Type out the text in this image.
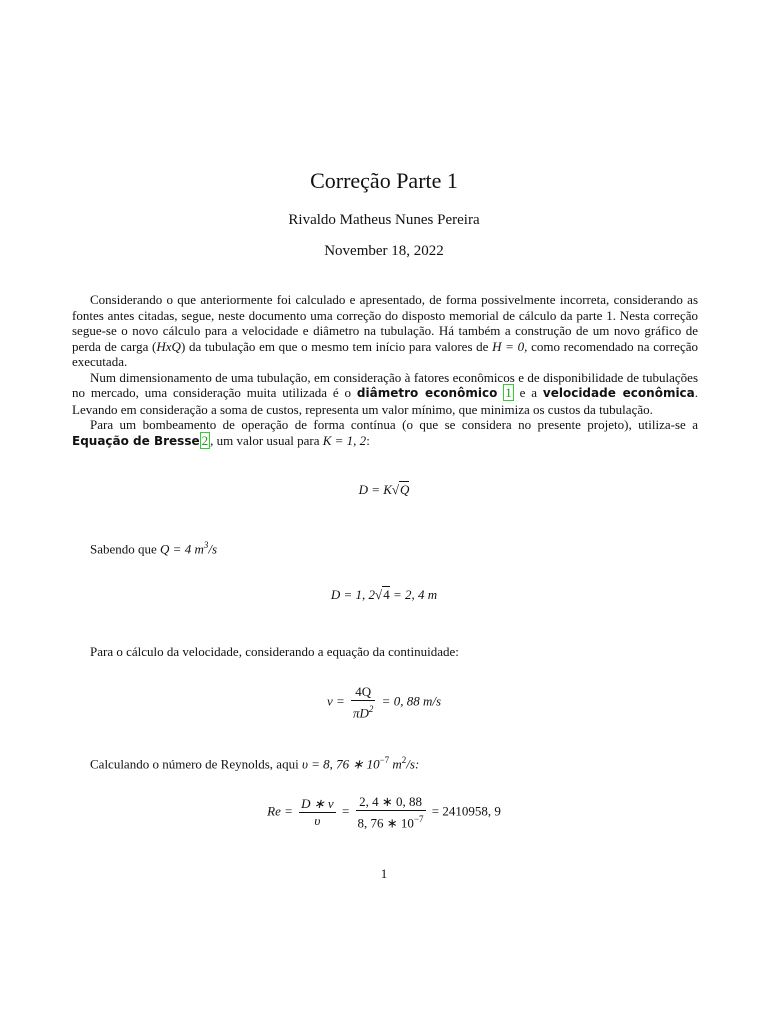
Correção Parte 1
Rivaldo Matheus Nunes Pereira
November 18, 2022

Considerando o que anteriormente foi calculado e apresentado, de forma possivelmente incorreta, considerando as fontes antes citadas, segue, neste documento uma correção do disposto memorial de cálculo da parte 1. Nesta correção segue-se o novo cálculo para a velocidade e diâmetro na tubulação. Há também a construção de um novo gráfico de perda de carga (HxQ) da tubulação em que o mesmo tem início para valores de H = 0, como recomendado na correção executada.

Num dimensionamento de uma tubulação, em consideração à fatores econômicos e de disponibilidade de tubulações no mercado, uma consideração muita utilizada é o diâmetro econômico 1 e a velocidade econômica. Levando em consideração a soma de custos, representa um valor mínimo, que minimiza os custos da tubulação.

Para um bombeamento de operação de forma contínua (o que se considera no presente projeto), utiliza-se a Equação de Bresse 2 , um valor usual para K = 1, 2:

D = K√Q
Sabendo que Q = 4 $m^3/s$
D = 1, 2√4 = 2, 4 m
Para o cálculo da velocidade, considerando a equação da continuidade:
$v = \frac{4Q}{\pi D^2} = 0$, 88 m/s
Calculando o número de Reynolds, aqui υ = 8, 76 ∗ $10^{-7}$ $m^2/s$:
$Re = \frac{D ∗ v}{\upsilon} = \frac{2, 4 ∗ 0, 88}{8, 76 ∗ 10^{-7}} = 2410958$, 9
1
